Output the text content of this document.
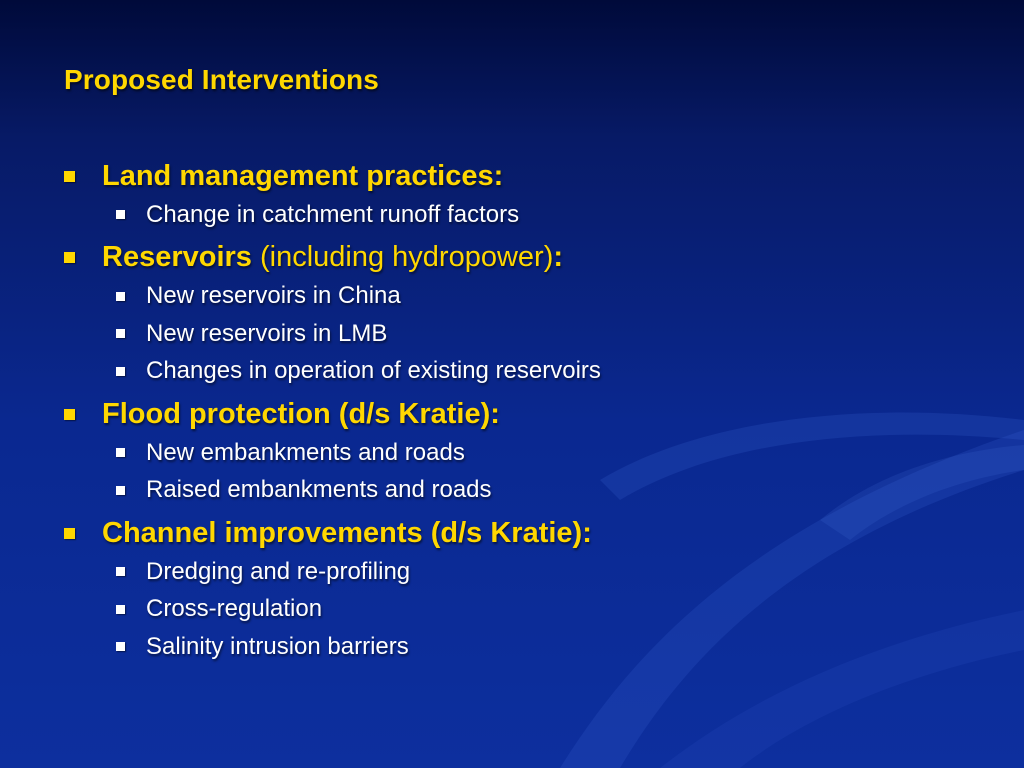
Proposed Interventions
Land management practices:
Change in catchment runoff factors
Reservoirs (including hydropower) :
New reservoirs in China
New reservoirs in LMB
Changes in operation of existing reservoirs
Flood protection (d/s Kratie):
New embankments and roads
Raised embankments and roads
Channel improvements (d/s Kratie):
Dredging and re-profiling
Cross-regulation
Salinity intrusion barriers
